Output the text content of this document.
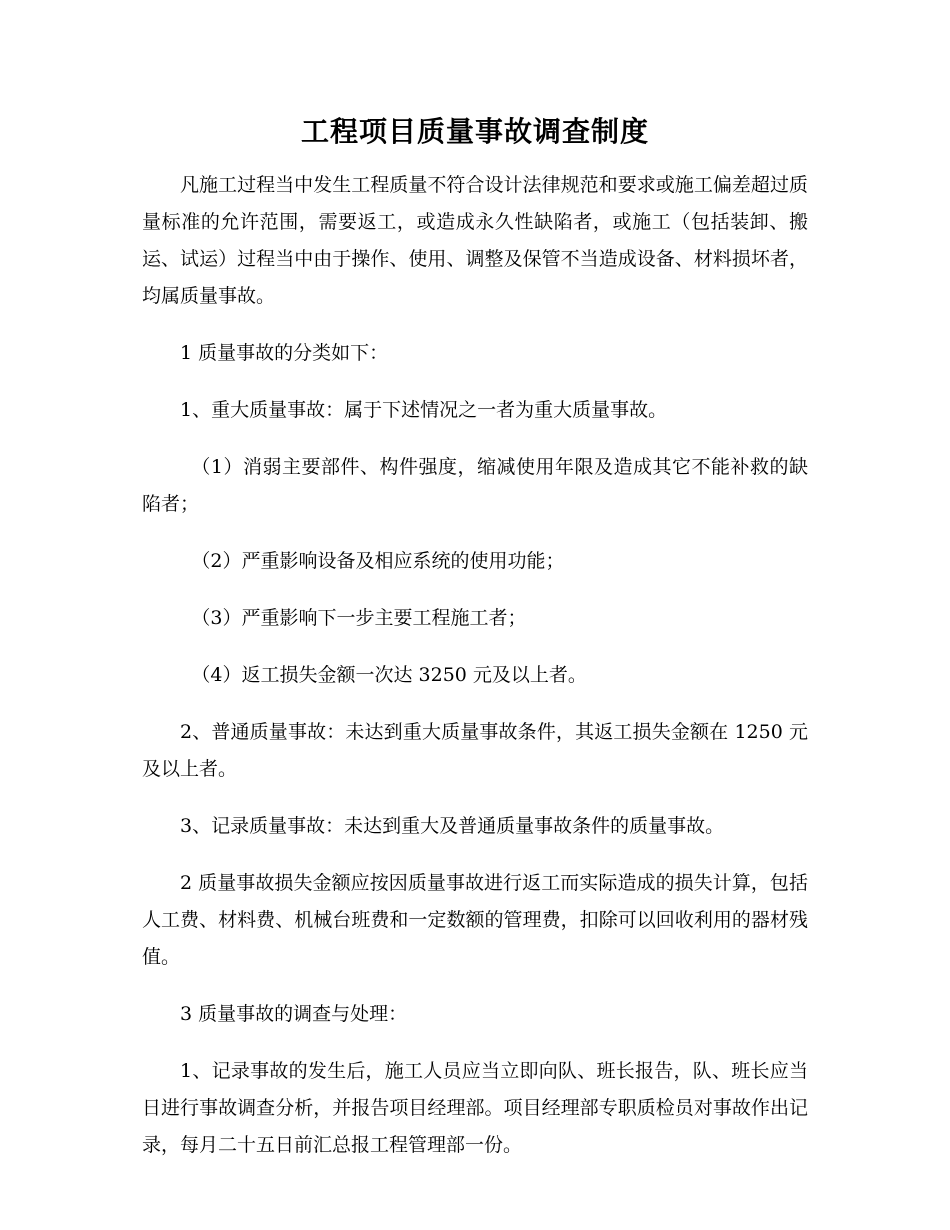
工程项目质量事故调查制度

凡施工过程当中发生工程质量不符合设计法律规范和要求或施工偏差超过质量标准的允许范围，需要返工，或造成永久性缺陷者，或施工（包括装卸、搬运、试运）过程当中由于操作、使用、调整及保管不当造成设备、材料损坏者，均属质量事故。

1 质量事故的分类如下：

1、重大质量事故：属于下述情况之一者为重大质量事故。

（1）消弱主要部件、构件强度，缩减使用年限及造成其它不能补救的缺陷者；

（2）严重影响设备及相应系统的使用功能；

（3）严重影响下一步主要工程施工者；

（4）返工损失金额一次达 3250 元及以上者。

2、普通质量事故：未达到重大质量事故条件，其返工损失金额在 1250 元及以上者。

3、记录质量事故：未达到重大及普通质量事故条件的质量事故。

2 质量事故损失金额应按因质量事故进行返工而实际造成的损失计算，包括人工费、材料费、机械台班费和一定数额的管理费，扣除可以回收利用的器材残值。

3 质量事故的调查与处理：

1、记录事故的发生后，施工人员应当立即向队、班长报告，队、班长应当日进行事故调查分析，并报告项目经理部。项目经理部专职质检员对事故作出记录，每月二十五日前汇总报工程管理部一份。
